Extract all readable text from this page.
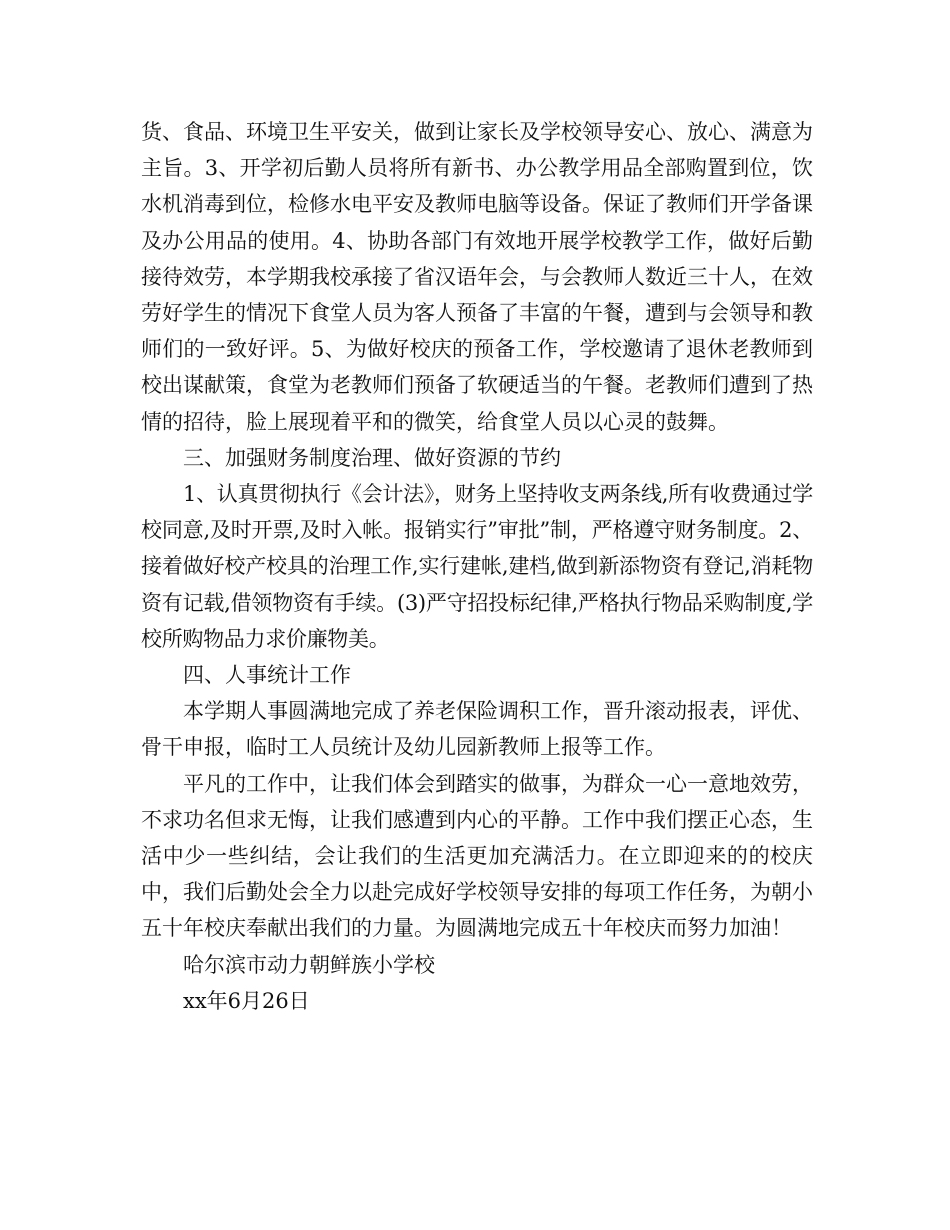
货、食品、环境卫生平安关，做到让家长及学校领导安心、放心、满意为主旨。3、开学初后勤人员将所有新书、办公教学用品全部购置到位，饮水机消毒到位，检修水电平安及教师电脑等设备。保证了教师们开学备课及办公用品的使用。4、协助各部门有效地开展学校教学工作，做好后勤接待效劳，本学期我校承接了省汉语年会，与会教师人数近三十人，在效劳好学生的情况下食堂人员为客人预备了丰富的午餐，遭到与会领导和教师们的一致好评。5、为做好校庆的预备工作，学校邀请了退休老教师到校出谋献策，食堂为老教师们预备了软硬适当的午餐。老教师们遭到了热情的招待，脸上展现着平和的微笑，给食堂人员以心灵的鼓舞。

三、加强财务制度治理、做好资源的节约

1、认真贯彻执行《会计法》，财务上坚持收支两条线,所有收费通过学校同意,及时开票,及时入帐。报销实行”审批”制，严格遵守财务制度。2、接着做好校产校具的治理工作,实行建帐,建档,做到新添物资有登记,消耗物资有记载,借领物资有手续。(3)严守招投标纪律,严格执行物品采购制度,学校所购物品力求价廉物美。

四、人事统计工作

本学期人事圆满地完成了养老保险调积工作，晋升滚动报表，评优、骨干申报，临时工人员统计及幼儿园新教师上报等工作。

平凡的工作中，让我们体会到踏实的做事，为群众一心一意地效劳，不求功名但求无悔，让我们感遭到内心的平静。工作中我们摆正心态，生活中少一些纠结，会让我们的生活更加充满活力。在立即迎来的的校庆中，我们后勤处会全力以赴完成好学校领导安排的每项工作任务，为朝小五十年校庆奉献出我们的力量。为圆满地完成五十年校庆而努力加油！

哈尔滨市动力朝鲜族小学校

xx年6月26日
